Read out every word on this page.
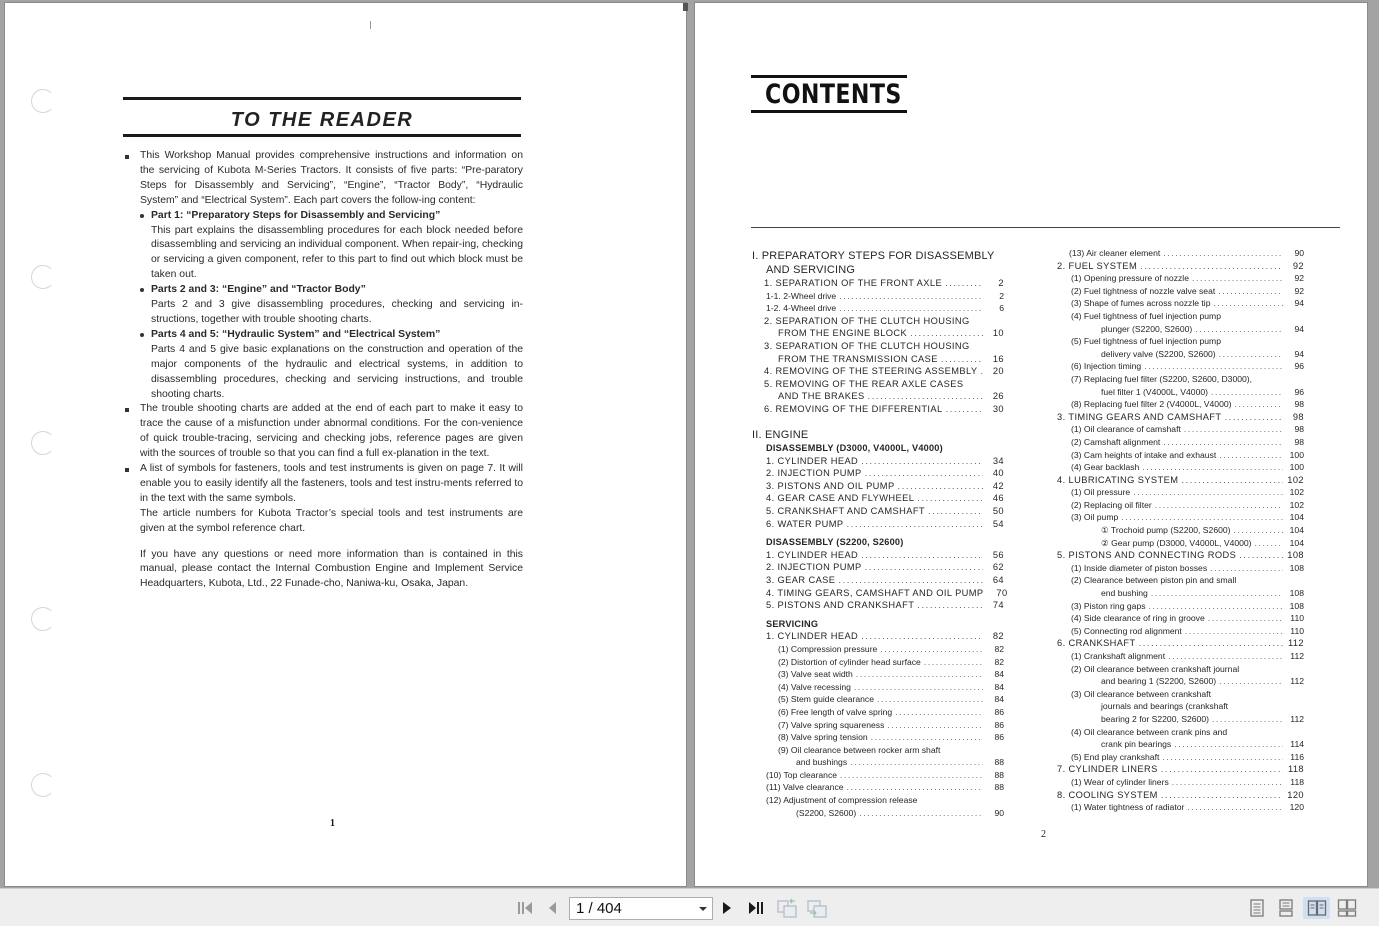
TO THE READER
This Workshop Manual provides comprehensive instructions and information on the servicing of Kubota M-Series Tractors. It consists of five parts: “Pre-paratory Steps for Disassembly and Servicing”, “Engine”, “Tractor Body”, “Hydraulic System” and “Electrical System”. Each part covers the follow-ing content:
Part 1: “Preparatory Steps for Disassembly and Servicing”
This part explains the disassembling procedures for each block needed before disassembling and servicing an individual component. When repair-ing, checking or servicing a given component, refer to this part to find out which block must be taken out.
Parts 2 and 3: “Engine” and “Tractor Body”
Parts 2 and 3 give disassembling procedures, checking and servicing in-structions, together with trouble shooting charts.
Parts 4 and 5: “Hydraulic System” and “Electrical System”
Parts 4 and 5 give basic explanations on the construction and operation of the major components of the hydraulic and electrical systems, in addition to disassembling procedures, checking and servicing instructions, and trouble shooting charts.
The trouble shooting charts are added at the end of each part to make it easy to trace the cause of a misfunction under abnormal conditions. For the con-venience of quick trouble-tracing, servicing and checking jobs, reference pages are given with the sources of trouble so that you can find a full ex-planation in the text.
A list of symbols for fasteners, tools and test instruments is given on page 7. It will enable you to easily identify all the fasteners, tools and test instru-ments referred to in the text with the same symbols.
The article numbers for Kubota Tractor’s special tools and test instruments are given at the symbol reference chart.
If you have any questions or need more information than is contained in this manual, please contact the Internal Combustion Engine and Implement Service Headquarters, Kubota, Ltd., 22 Funade-cho, Naniwa-ku, Osaka, Japan.
1
CONTENTS
I. PREPARATORY STEPS FOR DISASSEMBLY
AND SERVICING
1. SEPARATION OF THE FRONT AXLE .....	2
1-1. 2-Wheel drive .....	2
1-2. 4-Wheel drive .....	6
2. SEPARATION OF THE CLUTCH HOUSING
FROM THE ENGINE BLOCK .....	10
3. SEPARATION OF THE CLUTCH HOUSING
FROM THE TRANSMISSION CASE .....	16
4. REMOVING OF THE STEERING ASSEMBLY .....	20
5. REMOVING OF THE REAR AXLE CASES
AND THE BRAKES .....	26
6. REMOVING OF THE DIFFERENTIAL .....	30
II. ENGINE
DISASSEMBLY (D3000, V4000L, V4000)
1. CYLINDER HEAD .....	34
2. INJECTION PUMP .....	40
3. PISTONS AND OIL PUMP .....	42
4. GEAR CASE AND FLYWHEEL .....	46
5. CRANKSHAFT AND CAMSHAFT .....	50
6. WATER PUMP .....	54
DISASSEMBLY (S2200, S2600)
1. CYLINDER HEAD .....	56
2. INJECTION PUMP .....	62
3. GEAR CASE .....	64
4. TIMING GEARS, CAMSHAFT AND OIL PUMP	70
5. PISTONS AND CRANKSHAFT .....	74
SERVICING
1. CYLINDER HEAD .....	82
(1) Compression pressure .....	82
(2) Distortion of cylinder head surface .....	82
(3) Valve seat width .....	84
(4) Valve recessing .....	84
(5) Stem guide clearance .....	84
(6) Free length of valve spring .....	86
(7) Valve spring squareness .....	86
(8) Valve spring tension .....	86
(9) Oil clearance between rocker arm shaft
and bushings .....	88
(10) Top clearance .....	88
(11) Valve clearance .....	88
(12) Adjustment of compression release
(S2200, S2600) .....	90
(13) Air cleaner element .....	90
2. FUEL SYSTEM .....	92
(1) Opening pressure of nozzle .....	92
(2) Fuel tightness of nozzle valve seat .....	92
(3) Shape of fumes across nozzle tip .....	94
(4) Fuel tightness of fuel injection pump
plunger (S2200, S2600) .....	94
(5) Fuel tightness of fuel injection pump
delivery valve (S2200, S2600) .....	94
(6) Injection timing .....	96
(7) Replacing fuel filter (S2200, S2600, D3000),
fuel filter 1 (V4000L, V4000) .....	96
(8) Replacing fuel filter 2 (V4000L, V4000) .....	98
3. TIMING GEARS AND CAMSHAFT .....	98
(1) Oil clearance of camshaft .....	98
(2) Camshaft alignment .....	98
(3) Cam heights of intake and exhaust .....	100
(4) Gear backlash .....	100
4. LUBRICATING SYSTEM .....	102
(1) Oil pressure .....	102
(2) Replacing oil filter .....	102
(3) Oil pump .....	104
① Trochoid pump (S2200, S2600) .....	104
② Gear pump (D3000, V4000L, V4000) .....	104
5. PISTONS AND CONNECTING RODS .....	108
(1) Inside diameter of piston bosses .....	108
(2) Clearance between piston pin and small
end bushing .....	108
(3) Piston ring gaps .....	108
(4) Side clearance of ring in groove .....	110
(5) Connecting rod alignment .....	110
6. CRANKSHAFT .....	112
(1) Crankshaft alignment .....	112
(2) Oil clearance between crankshaft journal
and bearing 1 (S2200, S2600) .....	112
(3) Oil clearance between crankshaft
journals and bearings (crankshaft
bearing 2 for S2200, S2600) .....	112
(4) Oil clearance between crank pins and
crank pin bearings .....	114
(5) End play crankshaft .....	116
7. CYLINDER LINERS .....	118
(1) Wear of cylinder liners .....	118
8. COOLING SYSTEM .....	120
(1) Water tightness of radiator .....	120
2
1 / 404
